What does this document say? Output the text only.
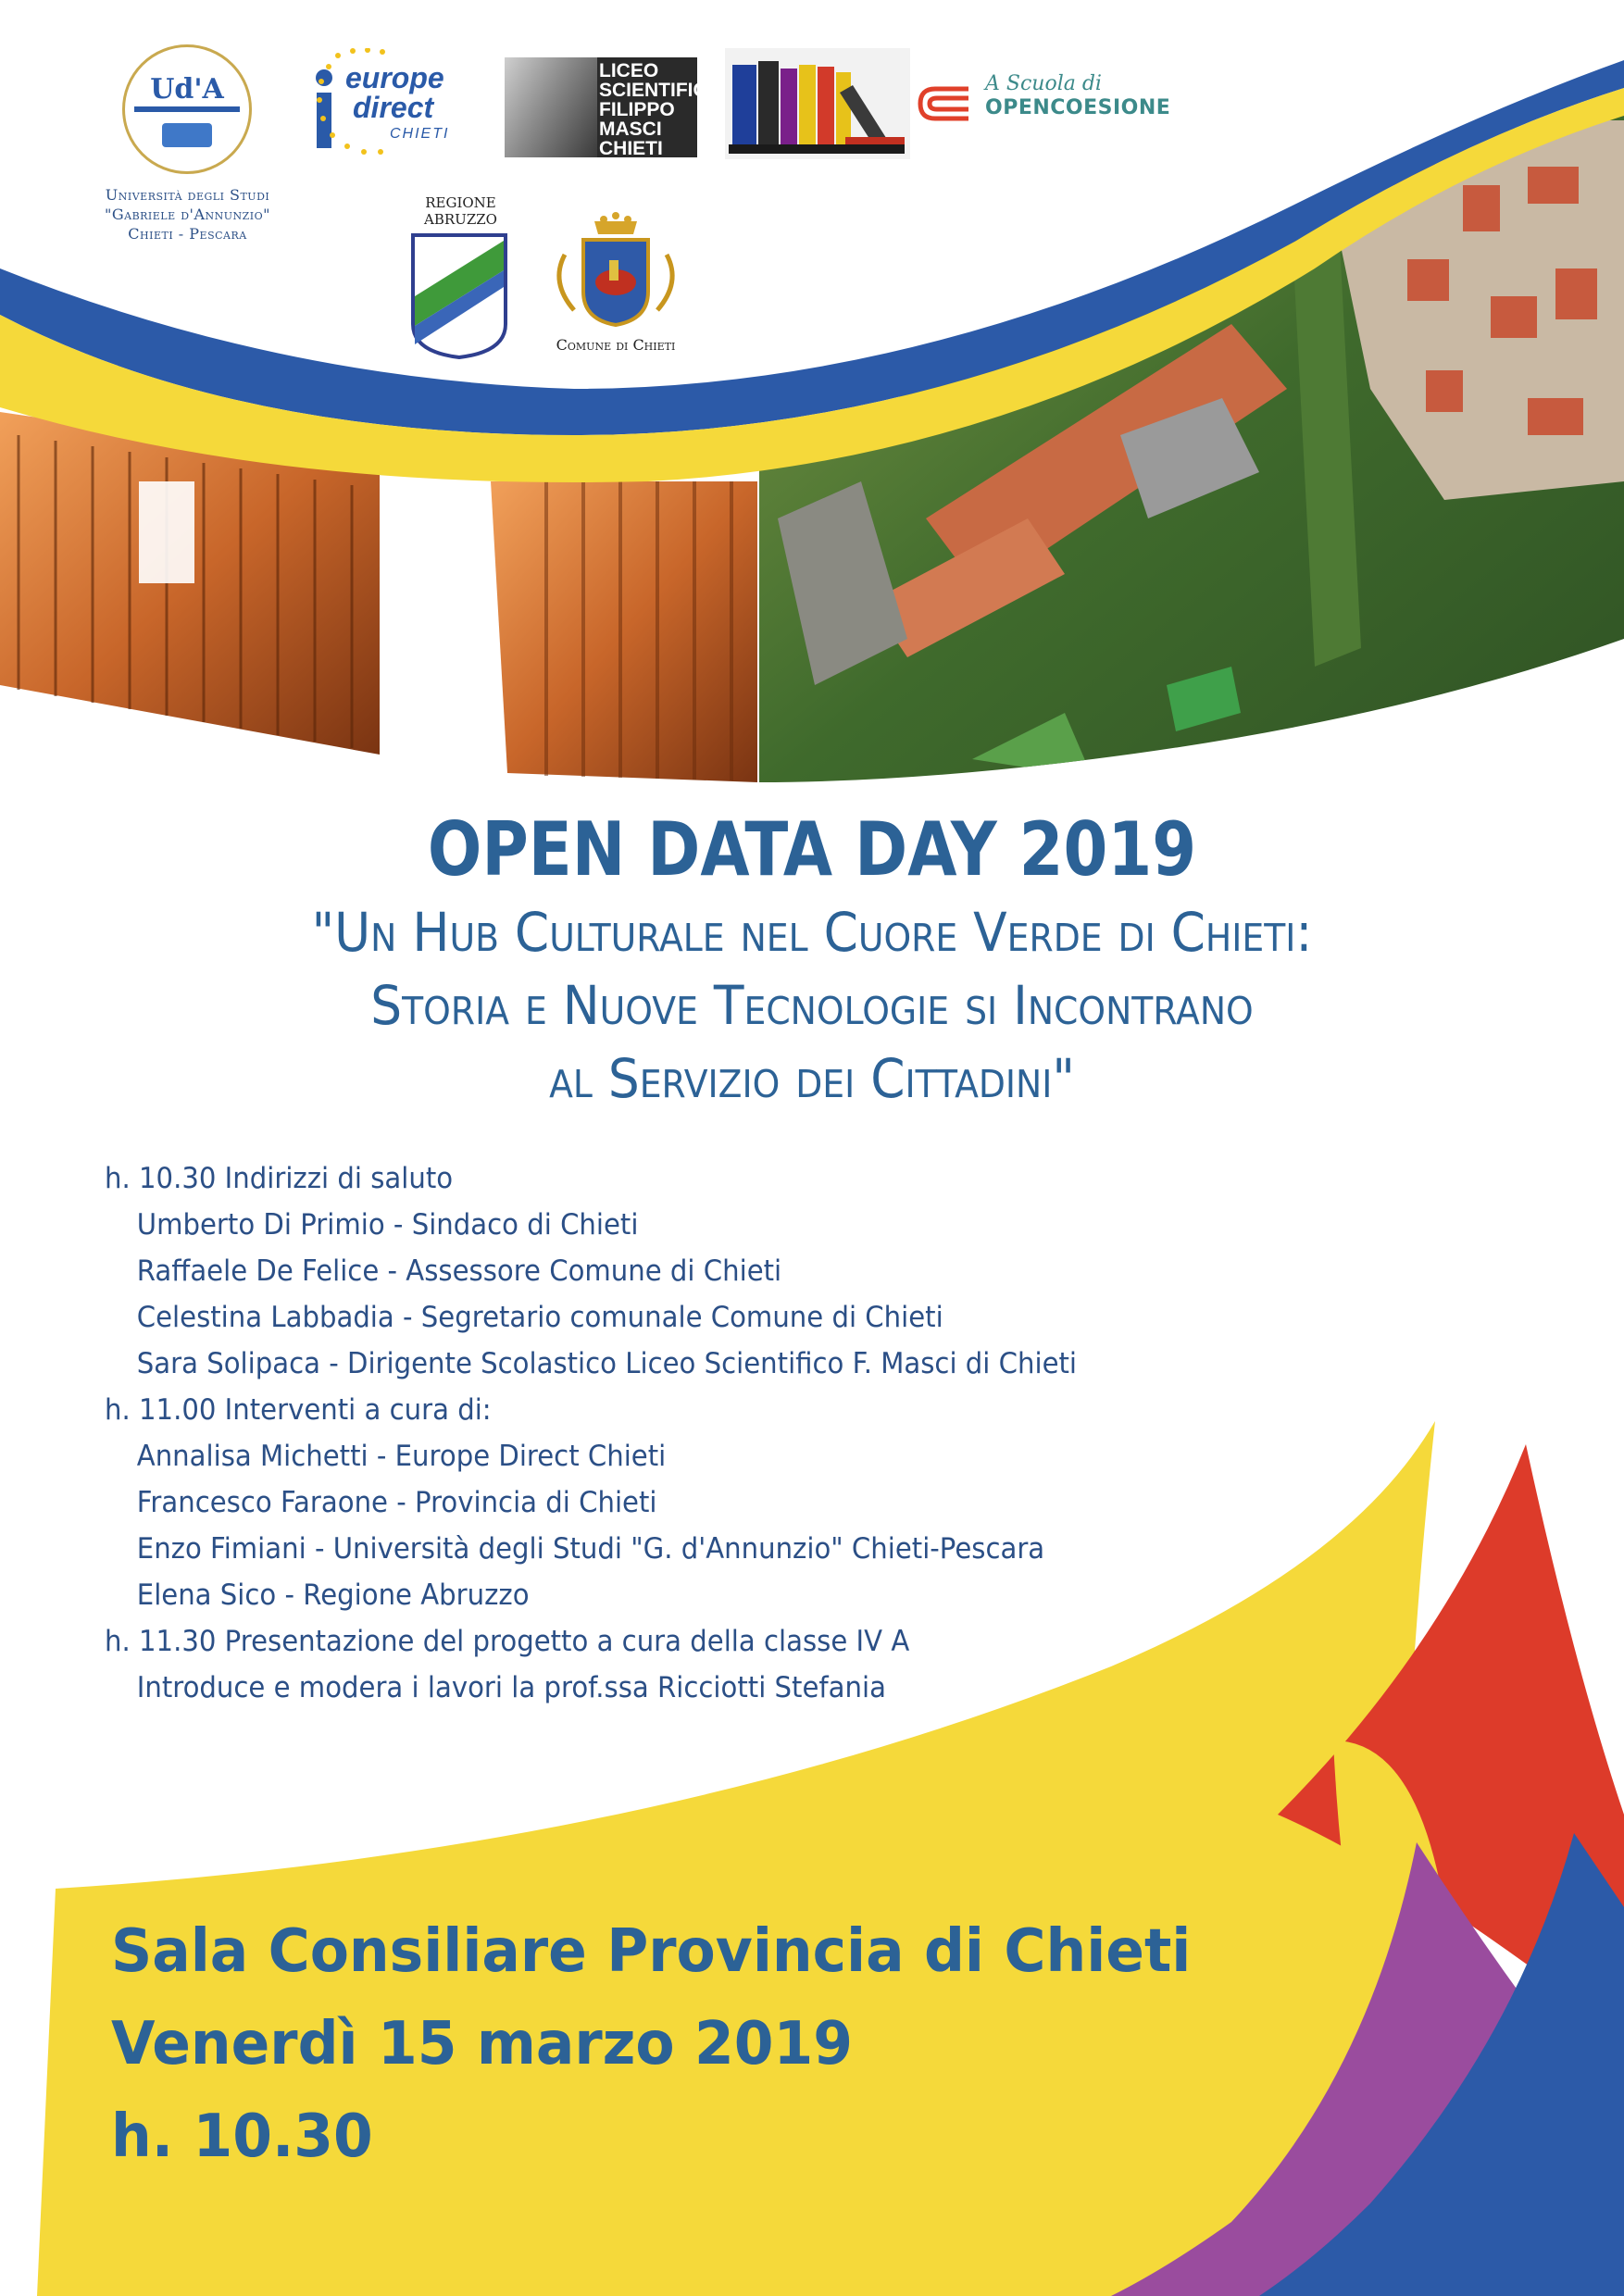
Ud'A
Università degli Studi
"Gabriele d'Annunzio"
Chieti - Pescara
europe
direct
CHIETI
LICEO
SCIENTIFICO
FILIPPO
MASCI
CHIETI
A Scuola di
OPENCOESIONE
REGIONE
ABRUZZO
Comune di Chieti
OPEN DATA DAY 2019
"Un Hub Culturale nel Cuore Verde di Chieti:
Storia e Nuove Tecnologie si Incontrano
al Servizio dei Cittadini"
h. 10.30 Indirizzi di saluto
Umberto Di Primio - Sindaco di Chieti
Raffaele De Felice - Assessore Comune di Chieti
Celestina Labbadia - Segretario comunale Comune di Chieti
Sara Solipaca - Dirigente Scolastico Liceo Scientifico F. Masci di Chieti
h. 11.00 Interventi a cura di:
Annalisa Michetti - Europe Direct Chieti
Francesco Faraone - Provincia di Chieti
Enzo Fimiani - Università degli Studi "G. d'Annunzio" Chieti-Pescara
Elena Sico - Regione Abruzzo
h. 11.30 Presentazione del progetto a cura della classe IV A
Introduce e modera i lavori la prof.ssa Ricciotti Stefania
Sala Consiliare Provincia di Chieti
Venerdì 15 marzo 2019
h. 10.30
